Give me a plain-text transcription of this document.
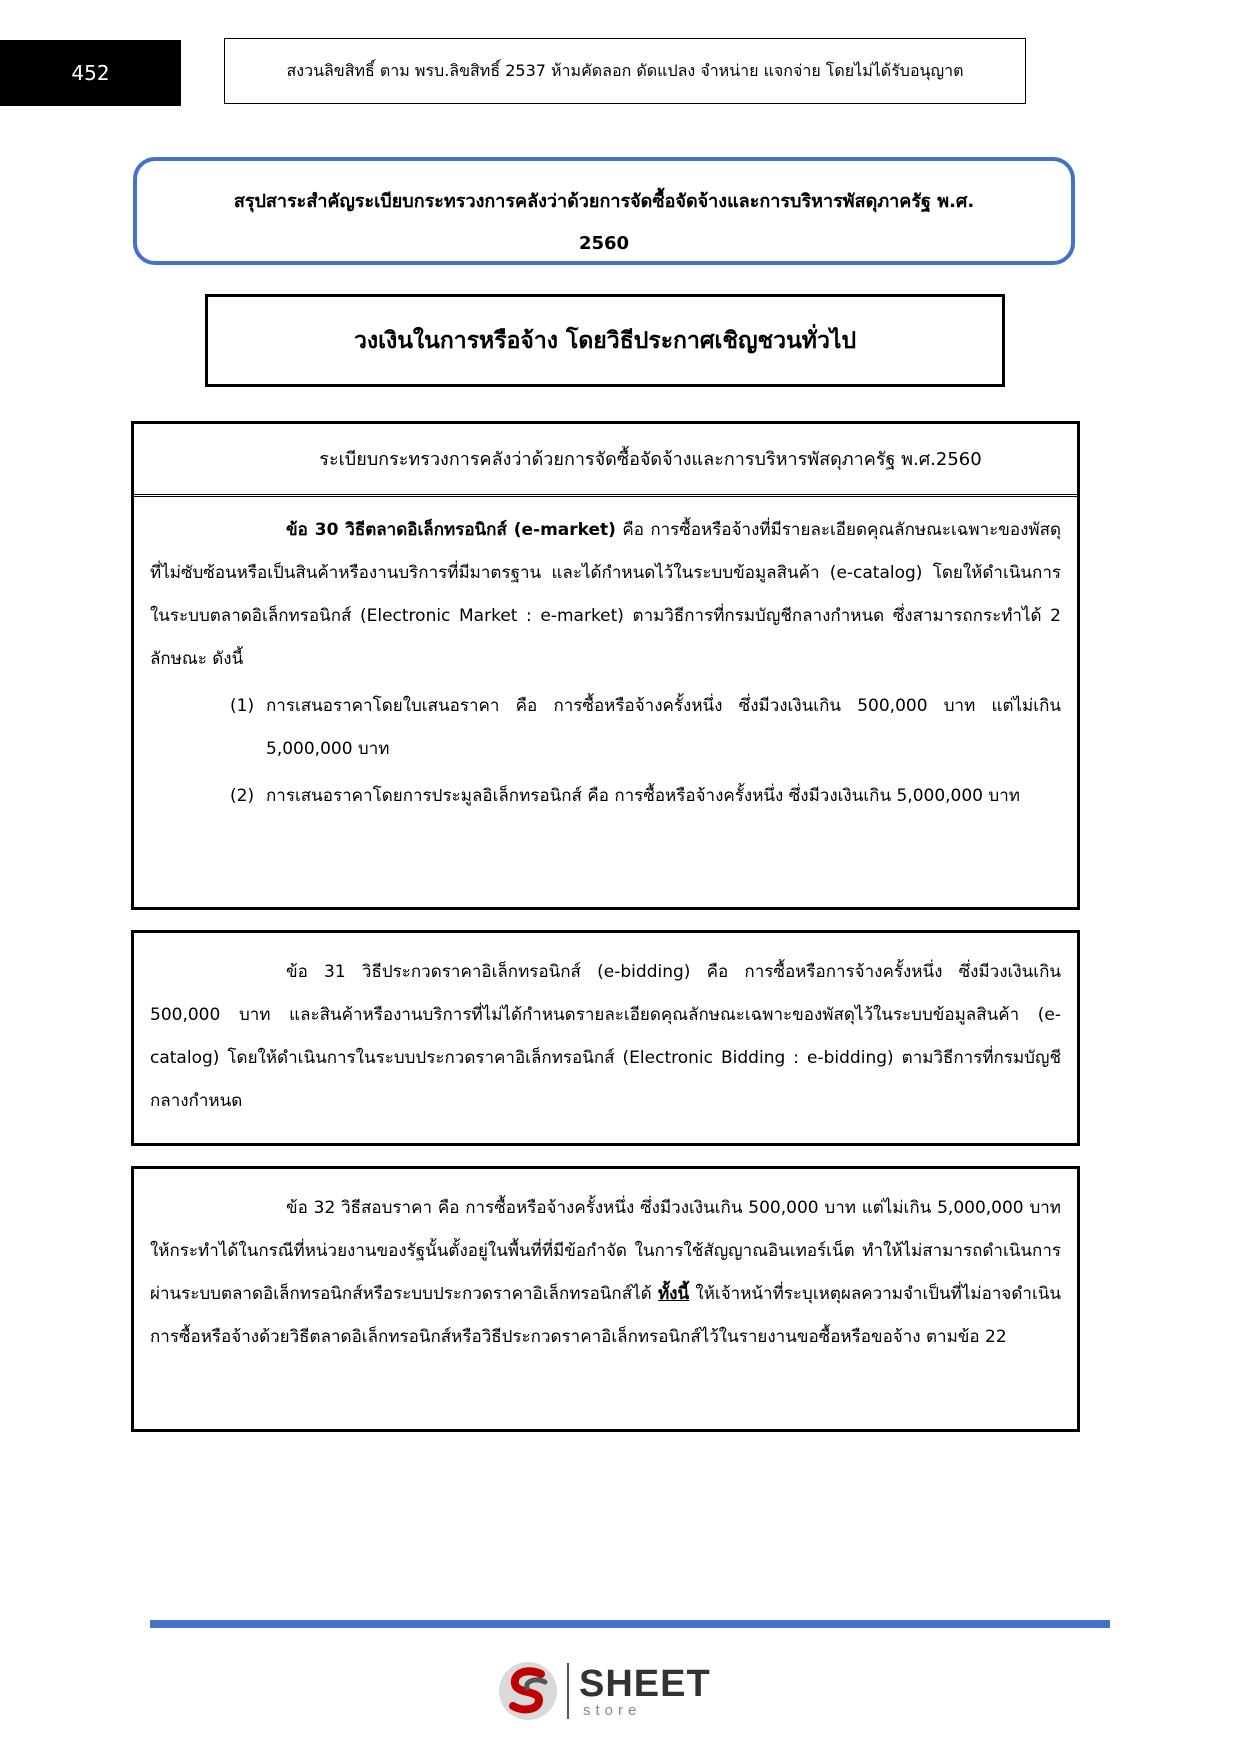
452	สงวนลิขสิทธิ์ ตาม พรบ.ลิขสิทธิ์ 2537 ห้ามคัดลอก ดัดแปลง จำหน่าย แจกจ่าย โดยไม่ได้รับอนุญาต
สรุปสาระสำคัญระเบียบกระทรวงการคลังว่าด้วยการจัดซื้อจัดจ้างและการบริหารพัสดุภาครัฐ พ.ศ.
2560
วงเงินในการหรือจ้าง โดยวิธีประกาศเชิญชวนทั่วไป
ระเบียบกระทรวงการคลังว่าด้วยการจัดซื้อจัดจ้างและการบริหารพัสดุภาครัฐ พ.ศ.2560

ข้อ 30 วิธีตลาดอิเล็กทรอนิกส์ (e-market) คือ การซื้อหรือจ้างที่มีรายละเอียดคุณลักษณะเฉพาะของพัสดุที่ไม่ซับซ้อนหรือเป็นสินค้าหรืองานบริการที่มีมาตรฐาน และได้กำหนดไว้ในระบบข้อมูลสินค้า (e-catalog) โดยให้ดำเนินการในระบบตลาดอิเล็กทรอนิกส์ (Electronic Market : e-market) ตามวิธีการที่กรมบัญชีกลางกำหนด ซึ่งสามารถกระทำได้ 2 ลักษณะ ดังนี้

(1) การเสนอราคาโดยใบเสนอราคา คือ การซื้อหรือจ้างครั้งหนึ่ง ซึ่งมีวงเงินเกิน 500,000 บาท แต่ไม่เกิน 5,000,000 บาท
(2) การเสนอราคาโดยการประมูลอิเล็กทรอนิกส์ คือ การซื้อหรือจ้างครั้งหนึ่ง ซึ่งมีวงเงินเกิน 5,000,000 บาท

ข้อ 31 วิธีประกวดราคาอิเล็กทรอนิกส์ (e-bidding) คือ การซื้อหรือการจ้างครั้งหนึ่ง ซึ่งมีวงเงินเกิน 500,000 บาท และสินค้าหรืองานบริการที่ไม่ได้กำหนดรายละเอียดคุณลักษณะเฉพาะของพัสดุไว้ในระบบข้อมูลสินค้า (e-catalog) โดยให้ดำเนินการในระบบประกวดราคาอิเล็กทรอนิกส์ (Electronic Bidding : e-bidding) ตามวิธีการที่กรมบัญชีกลางกำหนด

ข้อ 32 วิธีสอบราคา คือ การซื้อหรือจ้างครั้งหนึ่ง ซึ่งมีวงเงินเกิน 500,000 บาท แต่ไม่เกิน 5,000,000 บาท ให้กระทำได้ในกรณีที่หน่วยงานของรัฐนั้นตั้งอยู่ในพื้นที่ที่มีข้อกำจัด ในการใช้สัญญาณอินเทอร์เน็ต ทำให้ไม่สามารถดำเนินการผ่านระบบตลาดอิเล็กทรอนิกส์หรือระบบประกวดราคาอิเล็กทรอนิกส์ได้ ทั้งนี้ ให้เจ้าหน้าที่ระบุเหตุผลความจำเป็นที่ไม่อาจดำเนินการซื้อหรือจ้างด้วยวิธีตลาดอิเล็กทรอนิกส์หรือวิธีประกวดราคาอิเล็กทรอนิกส์ไว้ในรายงานขอซื้อหรือขอจ้าง ตามข้อ 22

SHEET
store
